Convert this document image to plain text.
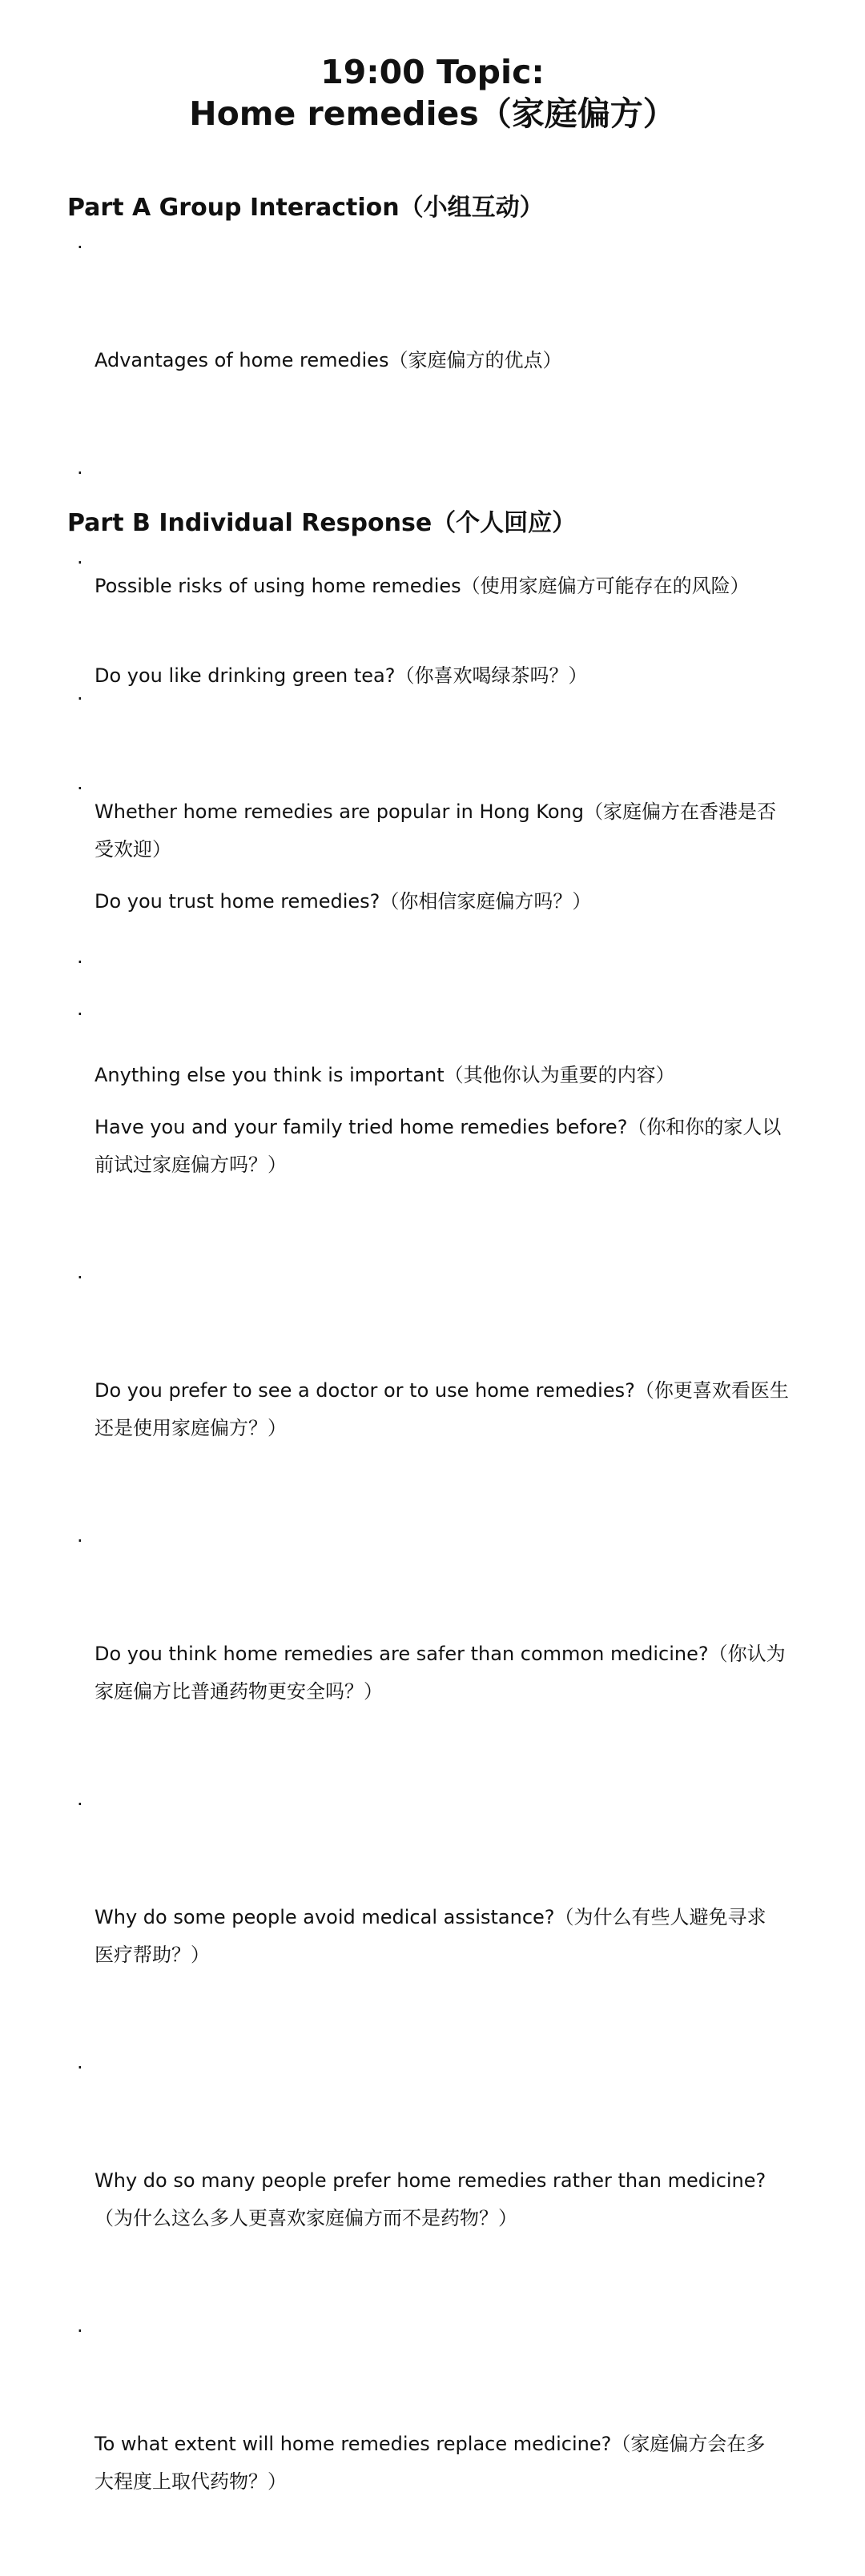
19:00 Topic:
Home remedies（家庭偏方）
Part A Group Interaction（小组互动）

·

Advantages of home remedies（家庭偏方的优点）

·

Possible risks of using home remedies（使用家庭偏方可能存在的风险）

·

Whether home remedies are popular in Hong Kong（家庭偏方在香港是否
受欢迎）

·

Anything else you think is important（其他你认为重要的内容）

Part B Individual Response（个人回应）

·

Do you like drinking green tea?（你喜欢喝绿茶吗？）

·

Do you trust home remedies?（你相信家庭偏方吗？）

·

Have you and your family tried home remedies before?（你和你的家人以
前试过家庭偏方吗？）

·

Do you prefer to see a doctor or to use home remedies?（你更喜欢看医生
还是使用家庭偏方？）

·

Do you think home remedies are safer than common medicine?（你认为
家庭偏方比普通药物更安全吗？）

·

Why do some people avoid medical assistance?（为什么有些人避免寻求
医疗帮助？）

·

Why do so many people prefer home remedies rather than medicine?
（为什么这么多人更喜欢家庭偏方而不是药物？）

·

To what extent will home remedies replace medicine?（家庭偏方会在多
大程度上取代药物？）
